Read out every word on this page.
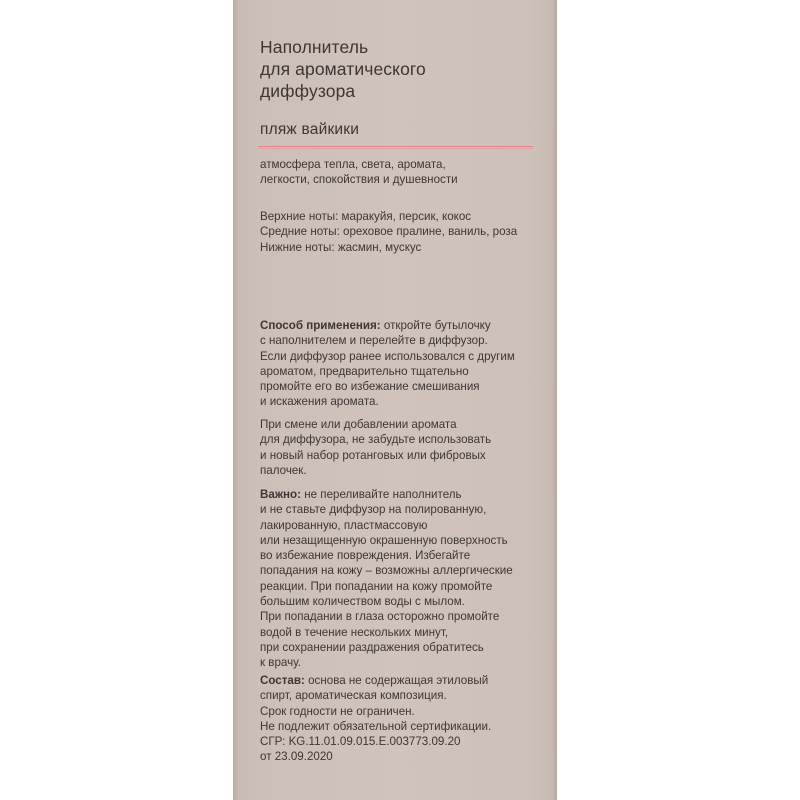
Наполнитель
для ароматического
диффузора
пляж вайкики
атмосфера тепла, света, аромата,
легкости, спокойствия и душевности
Верхние ноты: маракуйя, персик, кокос
Средние ноты: ореховое пралине, ваниль, роза
Нижние ноты: жасмин, мускус
Способ применения: откройте бутылочку
с наполнителем и перелейте в диффузор.
Если диффузор ранее использовался с другим
ароматом, предварительно тщательно
промойте его во избежание смешивания
и искажения аромата.
При смене или добавлении аромата
для диффузора, не забудьте использовать
и новый набор ротанговых или фибровых
палочек.
Важно: не переливайте наполнитель
и не ставьте диффузор на полированную,
лакированную, пластмассовую
или незащищенную окрашенную поверхность
во избежание повреждения. Избегайте
попадания на кожу – возможны аллергические
реакции. При попадании на кожу промойте
большим количеством воды с мылом.
При попадании в глаза осторожно промойте
водой в течение нескольких минут,
при сохранении раздражения обратитесь
к врачу.
Состав: основа не содержащая этиловый
спирт, ароматическая композиция.
Срок годности не ограничен.
Не подлежит обязательной сертификации.
СГР: KG.11.01.09.015.Е.003773.09.20
от 23.09.2020
